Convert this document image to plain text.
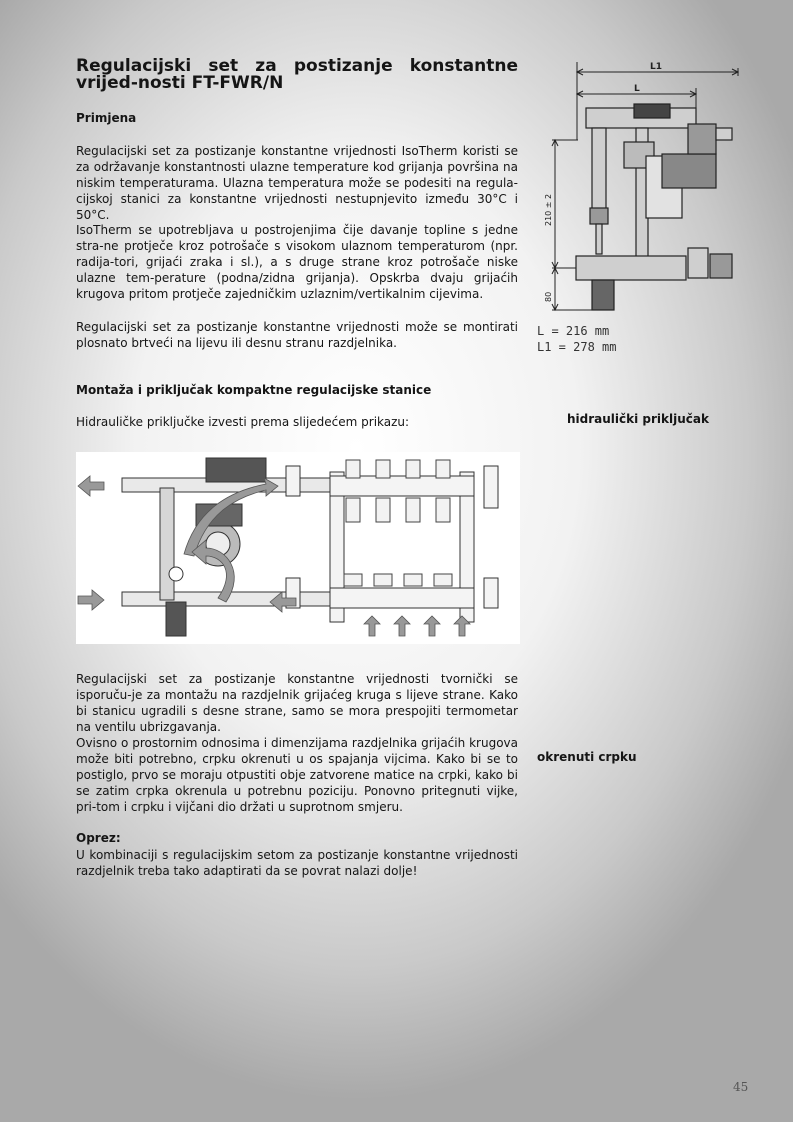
Regulacijski set za postizanje konstantne vrijed-nosti FT-FWR/N
Primjena

Regulacijski set za postizanje konstantne vrijednosti IsoTherm koristi se za održavanje konstantnosti ulazne temperature kod grijanja površina na niskim temperaturama. Ulazna temperatura može se podesiti na regula-cijskoj stanici za konstantne vrijednosti nestupnjevito između 30°C i 50°C.

IsoTherm se upotrebljava u postrojenjima čije davanje topline s jedne stra-ne protječe kroz potrošače s visokom ulaznom temperaturom (npr. radija-tori, grijaći zraka i sl.), a s druge strane kroz potrošače niske ulazne tem-perature (podna/zidna grijanja). Opskrba dvaju grijaćih krugova pritom protječe zajedničkim uzlaznim/vertikalnim cijevima.

Regulacijski set za postizanje konstantne vrijednosti može se montirati plosnato brtveći na lijevu ili desnu stranu razdjelnika.

L1
L
210 ± 2
80
L = 216 mm
L1 = 278 mm
Montaža i priključak kompaktne regulacijske stanice

Hidrauličke priključke izvesti prema slijedećem prikazu:	hidraulički priključak

Regulacijski set za postizanje konstantne vrijednosti tvornički se isporuču-je za montažu na razdjelnik grijaćeg kruga s lijeve strane. Kako bi stanicu ugradili s desne strane, samo se mora prespojiti termometar na ventilu ubrizgavanja.

Ovisno o prostornim odnosima i dimenzijama razdjelnika grijaćih krugova može biti potrebno, crpku okrenuti u os spajanja vijcima. Kako bi se to postiglo, prvo se moraju otpustiti obje zatvorene matice na crpki, kako bi se zatim crpka okrenula u potrebnu poziciju. Ponovno pritegnuti vijke, pri-tom i crpku i vijčani dio držati u suprotnom smjeru.

okrenuti crpku
Oprez:

U kombinaciji s regulacijskim setom za postizanje konstantne vrijednosti razdjelnik treba tako adaptirati da se povrat nalazi dolje!

45
